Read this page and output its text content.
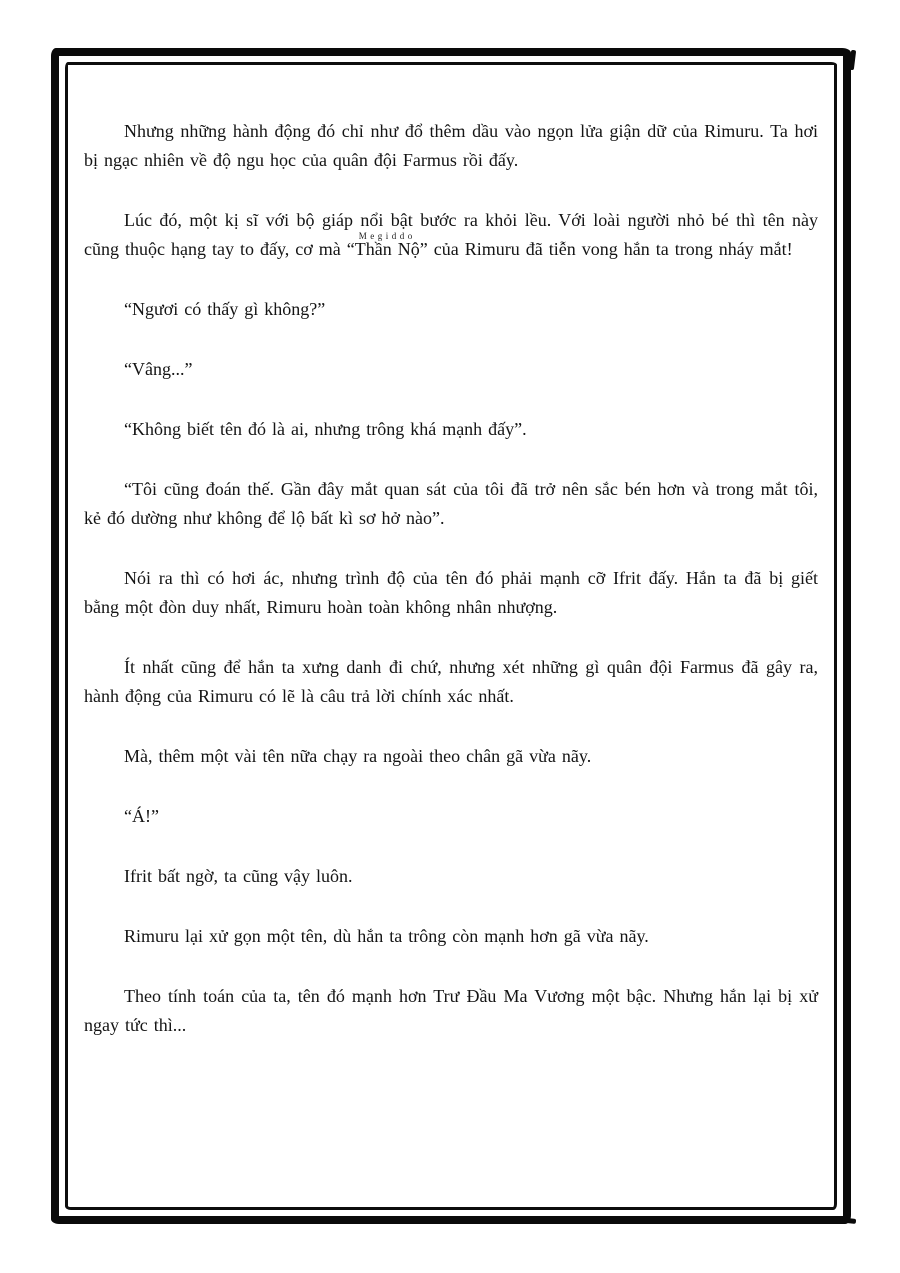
Nhưng những hành động đó chỉ như đổ thêm dầu vào ngọn lửa giận dữ của Rimuru. Ta hơi bị ngạc nhiên về độ ngu học của quân đội Farmus rồi đấy.

Lúc đó, một kị sĩ với bộ giáp nổi bật bước ra khỏi lều. Với loài người nhỏ bé thì tên này cũng thuộc hạng tay to đấy, cơ mà “Thần NộMegiddo” của Rimuru đã tiễn vong hắn ta trong nháy mắt!

“Ngươi có thấy gì không?”

“Vâng...”

“Không biết tên đó là ai, nhưng trông khá mạnh đấy”.

“Tôi cũng đoán thế. Gần đây mắt quan sát của tôi đã trở nên sắc bén hơn và trong mắt tôi, kẻ đó dường như không để lộ bất kì sơ hở nào”.

Nói ra thì có hơi ác, nhưng trình độ của tên đó phải mạnh cỡ Ifrit đấy. Hắn ta đã bị giết bằng một đòn duy nhất, Rimuru hoàn toàn không nhân nhượng.

Ít nhất cũng để hắn ta xưng danh đi chứ, nhưng xét những gì quân đội Farmus đã gây ra, hành động của Rimuru có lẽ là câu trả lời chính xác nhất.

Mà, thêm một vài tên nữa chạy ra ngoài theo chân gã vừa nãy.

“Á!”

Ifrit bất ngờ, ta cũng vậy luôn.

Rimuru lại xử gọn một tên, dù hắn ta trông còn mạnh hơn gã vừa nãy.

Theo tính toán của ta, tên đó mạnh hơn Trư Đầu Ma Vương một bậc. Nhưng hắn lại bị xử ngay tức thì...
